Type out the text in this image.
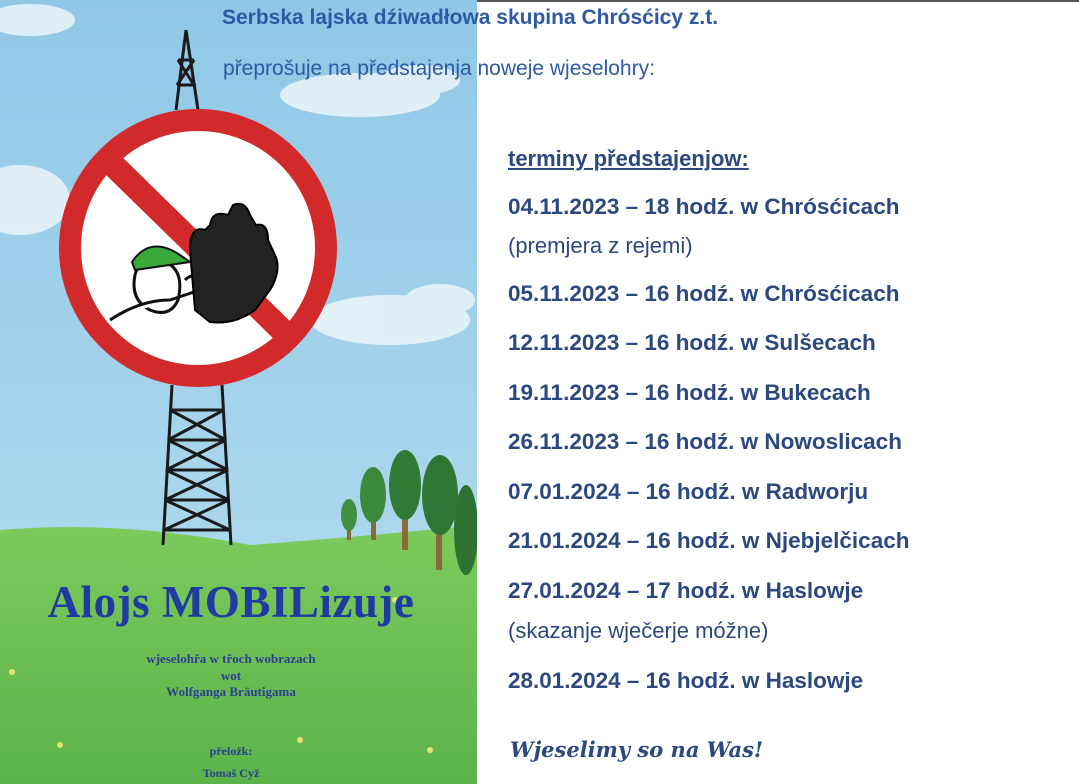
Alojs MOBILizuje
wjeselohřa w třoch wobrazach
wot
Wolfganga Bräutigama
přeložk:
Tomaš Cyž
Serbska lajska dźiwadłowa skupina Chrósćicy z.t.
přeprošuje na předstajenja noweje wjeselohry:
terminy předstajenjow:
04.11.2023 – 18 hodź. w Chrósćicach
(premjera z rejemi)
05.11.2023 – 16 hodź. w Chrósćicach
12.11.2023 – 16 hodź. w Sulšecach
19.11.2023 – 16 hodź. w Bukecach
26.11.2023 – 16 hodź. w Nowoslicach
07.01.2024 – 16 hodź. w Radworju
21.01.2024 – 16 hodź. w Njebjelčicach
27.01.2024 – 17 hodź. w Haslowje
(skazanje wječerje móžne)
28.01.2024 – 16 hodź. w Haslowje
Wjeselimy so na Was!
